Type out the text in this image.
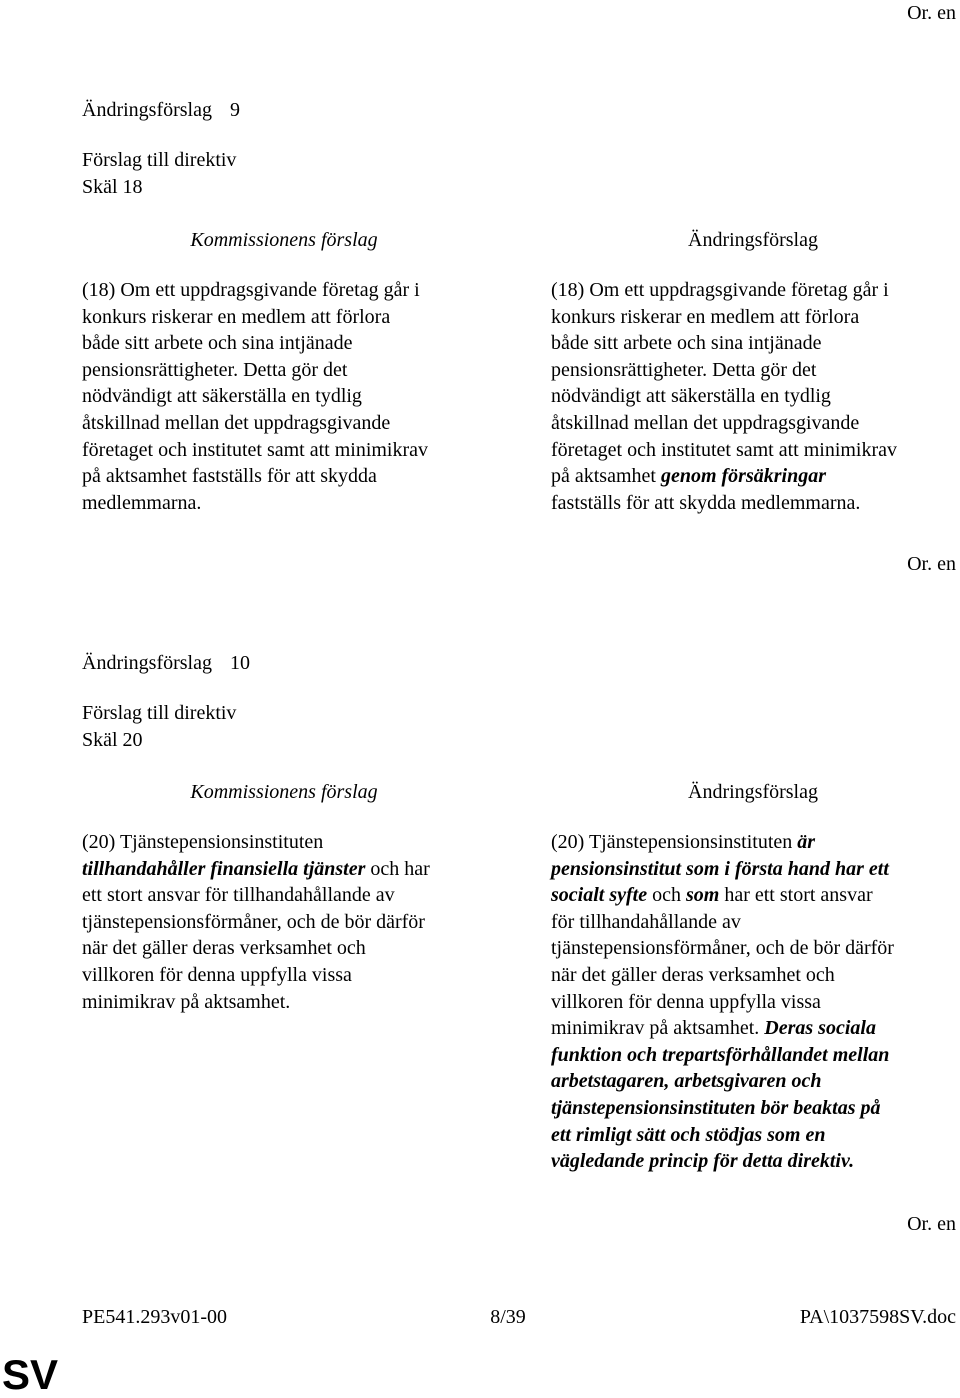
Or. en
Ändringsförslag 9
Förslag till direktiv
Skäl 18
Kommissionens förslag	Ändringsförslag
(18) Om ett uppdragsgivande företag går i
konkurs riskerar en medlem att förlora
både sitt arbete och sina intjänade
pensionsrättigheter. Detta gör det
nödvändigt att säkerställa en tydlig
åtskillnad mellan det uppdragsgivande
företaget och institutet samt att minimikrav
på aktsamhet fastställs för att skydda
medlemmarna.
(18) Om ett uppdragsgivande företag går i
konkurs riskerar en medlem att förlora
både sitt arbete och sina intjänade
pensionsrättigheter. Detta gör det
nödvändigt att säkerställa en tydlig
åtskillnad mellan det uppdragsgivande
företaget och institutet samt att minimikrav
på aktsamhet genom försäkringar
fastställs för att skydda medlemmarna.
Or. en
Ändringsförslag 10
Förslag till direktiv
Skäl 20
Kommissionens förslag	Ändringsförslag
(20) Tjänstepensionsinstituten
tillhandahåller finansiella tjänster och har
ett stort ansvar för tillhandahållande av
tjänstepensionsförmåner, och de bör därför
när det gäller deras verksamhet och
villkoren för denna uppfylla vissa
minimikrav på aktsamhet.
(20) Tjänstepensionsinstituten är
pensionsinstitut som i första hand har ett
socialt syfte och som har ett stort ansvar
för tillhandahållande av
tjänstepensionsförmåner, och de bör därför
när det gäller deras verksamhet och
villkoren för denna uppfylla vissa
minimikrav på aktsamhet. Deras sociala
funktion och trepartsförhållandet mellan
arbetstagaren, arbetsgivaren och
tjänstepensionsinstituten bör beaktas på
ett rimligt sätt och stödjas som en
vägledande princip för detta direktiv.
Or. en
PE541.293v01-00	8/39	PA\1037598SV.doc
SV
